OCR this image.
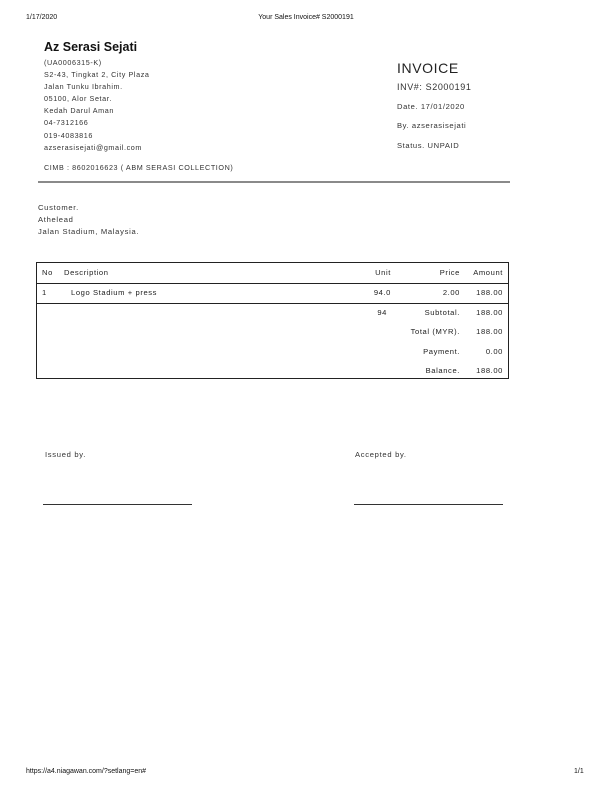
1/17/2020	Your Sales Invoice# S2000191
Az Serasi Sejati
(UA0006315-K)
S2-43, Tingkat 2, City Plaza
Jalan Tunku Ibrahim.
05100, Alor Setar.
Kedah Darul Aman
04-7312166
019-4083816
azserasisejati@gmail.com
CIMB : 8602016623 ( ABM SERASI COLLECTION)
INVOICE
INV#: S2000191
Date. 17/01/2020
By. azserasisejati
Status. UNPAID
Customer.
Athelead
Jalan Stadium, Malaysia.
No Description	Unit	Price Amount
1	Logo Stadium + press	94.0	2.00 188.00
94	Subtotal. 188.00
Total (MYR). 188.00
Payment.	0.00
Balance. 188.00
Issued by.	Accepted by.
https://a4.niagawan.com/?setlang=en#	1/1
